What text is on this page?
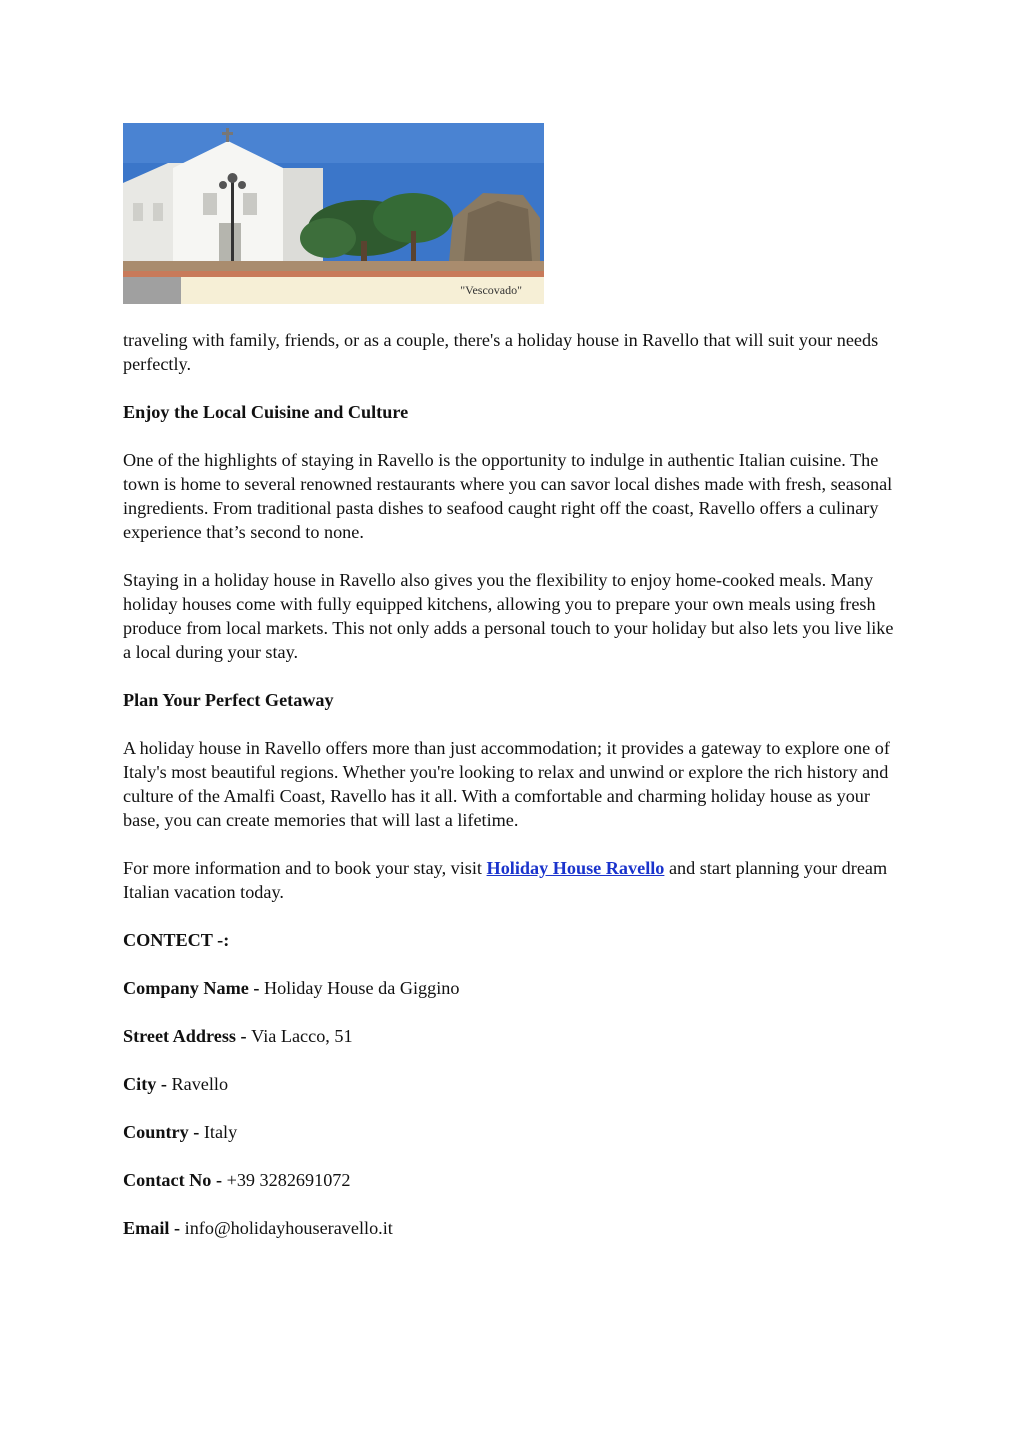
"Vescovado"

traveling with family, friends, or as a couple, there's a holiday house in Ravello that will suit your needs perfectly.

Enjoy the Local Cuisine and Culture

One of the highlights of staying in Ravello is the opportunity to indulge in authentic Italian cuisine. The town is home to several renowned restaurants where you can savor local dishes made with fresh, seasonal ingredients. From traditional pasta dishes to seafood caught right off the coast, Ravello offers a culinary experience that’s second to none.

Staying in a holiday house in Ravello also gives you the flexibility to enjoy home-cooked meals. Many holiday houses come with fully equipped kitchens, allowing you to prepare your own meals using fresh produce from local markets. This not only adds a personal touch to your holiday but also lets you live like a local during your stay.

Plan Your Perfect Getaway

A holiday house in Ravello offers more than just accommodation; it provides a gateway to explore one of Italy's most beautiful regions. Whether you're looking to relax and unwind or explore the rich history and culture of the Amalfi Coast, Ravello has it all. With a comfortable and charming holiday house as your base, you can create memories that will last a lifetime.

For more information and to book your stay, visit Holiday House Ravello and start planning your dream Italian vacation today.

CONTECT -:
Company Name - Holiday House da Giggino
Street Address - Via Lacco, 51
City - Ravello
Country - Italy
Contact No - +39 3282691072
Email - info@holidayhouseravello.it
